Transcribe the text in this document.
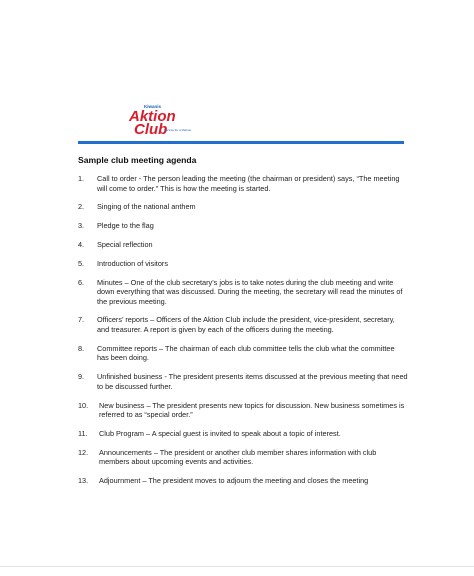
Kiwanis
Aktion
Club
Service for a lifetime
Sample club meeting agenda
1. Call to order - The person leading the meeting (the chairman or president) says, “The meeting will come to order.” This is how the meeting is started.
2. Singing of the national anthem
3. Pledge to the flag
4. Special reflection
5. Introduction of visitors
6. Minutes – One of the club secretary’s jobs is to take notes during the club meeting and write down everything that was discussed. During the meeting, the secretary will read the minutes of the previous meeting.
7. Officers’ reports – Officers of the Aktion Club include the president, vice-president, secretary, and treasurer. A report is given by each of the officers during the meeting.
8. Committee reports – The chairman of each club committee tells the club what the committee has been doing.
9. Unfinished business - The president presents items discussed at the previous meeting that need to be discussed further.
10. New business – The president presents new topics for discussion. New business sometimes is referred to as “special order.”
11. Club Program – A special guest is invited to speak about a topic of interest.
12. Announcements – The president or another club member shares information with club members about upcoming events and activities.
13. Adjournment – The president moves to adjourn the meeting and closes the meeting
